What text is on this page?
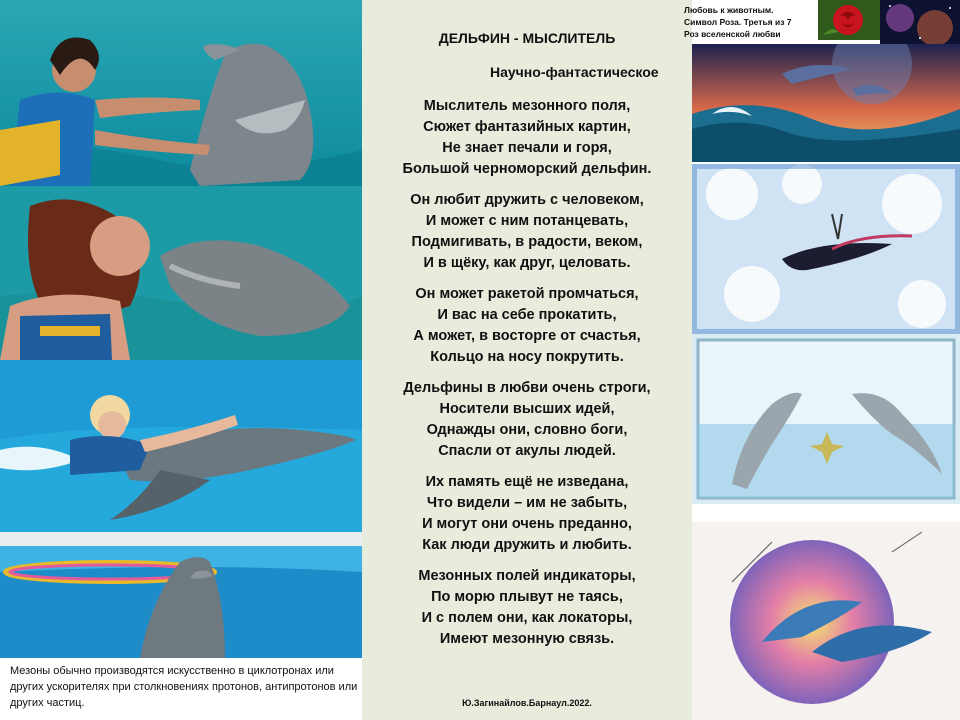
Мезоны обычно производятся искусственно в циклотронах или других ускорителях при столкновениях протонов, антипротонов или других частиц.
ДЕЛЬФИН - МЫСЛИТЕЛЬ
Научно-фантастическое
Мыслитель мезонного поля,
Сюжет фантазийных картин,
Не знает печали и горя,
Большой черноморский дельфин.
Он любит дружить с человеком,
И может с ним потанцевать,
Подмигивать, в радости, веком,
И в щёку, как друг, целовать.
Он может ракетой промчаться,
И вас на себе прокатить,
А может, в восторге от счастья,
Кольцо на носу покрутить.
Дельфины в любви очень строги,
Носители высших идей,
Однажды они, словно боги,
Спасли от акулы людей.
Их память ещё не изведана,
Что видели – им не забыть,
И могут они очень преданно,
Как люди дружить и любить.
Мезонных полей индикаторы,
По морю плывут не таясь,
И с полем они, как локаторы,
Имеют мезонную связь.
Ю.Загинайлов.Барнаул.2022.
Любовь к животным.
Символ Роза. Третья из 7
Роз вселенской любви
